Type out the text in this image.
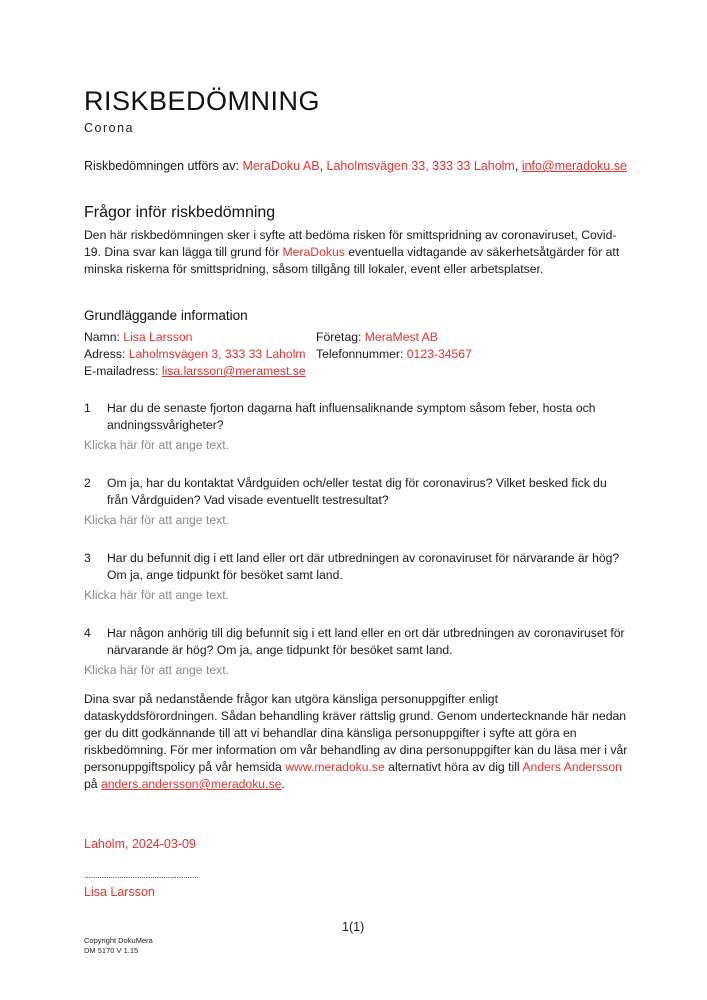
RISKBEDÖMNING
Corona
Riskbedömningen utförs av: MeraDoku AB, Laholmsvägen 33, 333 33 Laholm, info@meradoku.se
Frågor inför riskbedömning
Den här riskbedömningen sker i syfte att bedöma risken för smittspridning av coronaviruset, Covid-19. Dina svar kan lägga till grund för MeraDokus eventuella vidtagande av säkerhetsåtgärder för att minska riskerna för smittspridning, såsom tillgång till lokaler, event eller arbetsplatser.
Grundläggande information
Namn: Lisa Larsson
Adress: Laholmsvägen 3, 333 33 Laholm
E-mailadress: lisa.larsson@meramest.se
Företag: MeraMest AB
Telefonnummer: 0123-34567
1 Har du de senaste fjorton dagarna haft influensaliknande symptom såsom feber, hosta och andningssvårigheter?
Klicka här för att ange text.
2 Om ja, har du kontaktat Vårdguiden och/eller testat dig för coronavirus? Vilket besked fick du från Vårdguiden? Vad visade eventuellt testresultat?
Klicka här för att ange text.
3 Har du befunnit dig i ett land eller ort där utbredningen av coronaviruset för närvarande är hög? Om ja, ange tidpunkt för besöket samt land.
Klicka här för att ange text.
4 Har någon anhörig till dig befunnit sig i ett land eller en ort där utbredningen av coronaviruset för närvarande är hög? Om ja, ange tidpunkt för besöket samt land.
Klicka här för att ange text.
Dina svar på nedanstående frågor kan utgöra känsliga personuppgifter enligt dataskyddsförordningen. Sådan behandling kräver rättslig grund. Genom undertecknande här nedan ger du ditt godkännande till att vi behandlar dina känsliga personuppgifter i syfte att göra en riskbedömning. För mer information om vår behandling av dina personuppgifter kan du läsa mer i vår personuppgiftspolicy på vår hemsida www.meradoku.se alternativt höra av dig till Anders Andersson på anders.andersson@meradoku.se.
Laholm, 2024-03-09
....................................................
Lisa Larsson
1(1)
Copyright DokuMera
DM 5170 V 1.15
